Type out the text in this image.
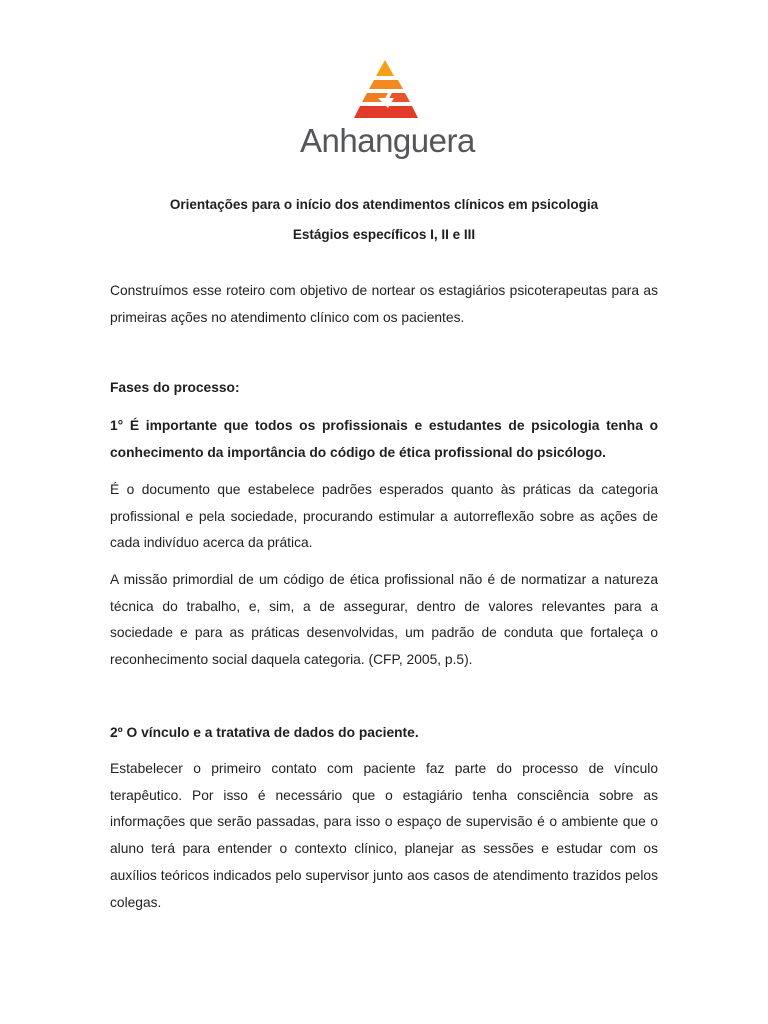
Anhanguera
Orientações para o início dos atendimentos clínicos em psicologia
Estágios específicos I, II e III

Construímos esse roteiro com objetivo de nortear os estagiários psicoterapeutas para as primeiras ações no atendimento clínico com os pacientes.

Fases do processo:

1° É importante que todos os profissionais e estudantes de psicologia tenha o conhecimento da importância do código de ética profissional do psicólogo.

É o documento que estabelece padrões esperados quanto às práticas da categoria profissional e pela sociedade, procurando estimular a autorreflexão sobre as ações de cada indivíduo acerca da prática.

A missão primordial de um código de ética profissional não é de normatizar a natureza técnica do trabalho, e, sim, a de assegurar, dentro de valores relevantes para a sociedade e para as práticas desenvolvidas, um padrão de conduta que fortaleça o reconhecimento social daquela categoria. (CFP, 2005, p.5).

2º O vínculo e a tratativa de dados do paciente.

Estabelecer o primeiro contato com paciente faz parte do processo de vínculo terapêutico. Por isso é necessário que o estagiário tenha consciência sobre as informações que serão passadas, para isso o espaço de supervisão é o ambiente que o aluno terá para entender o contexto clínico, planejar as sessões e estudar com os auxílios teóricos indicados pelo supervisor junto aos casos de atendimento trazidos pelos colegas.
